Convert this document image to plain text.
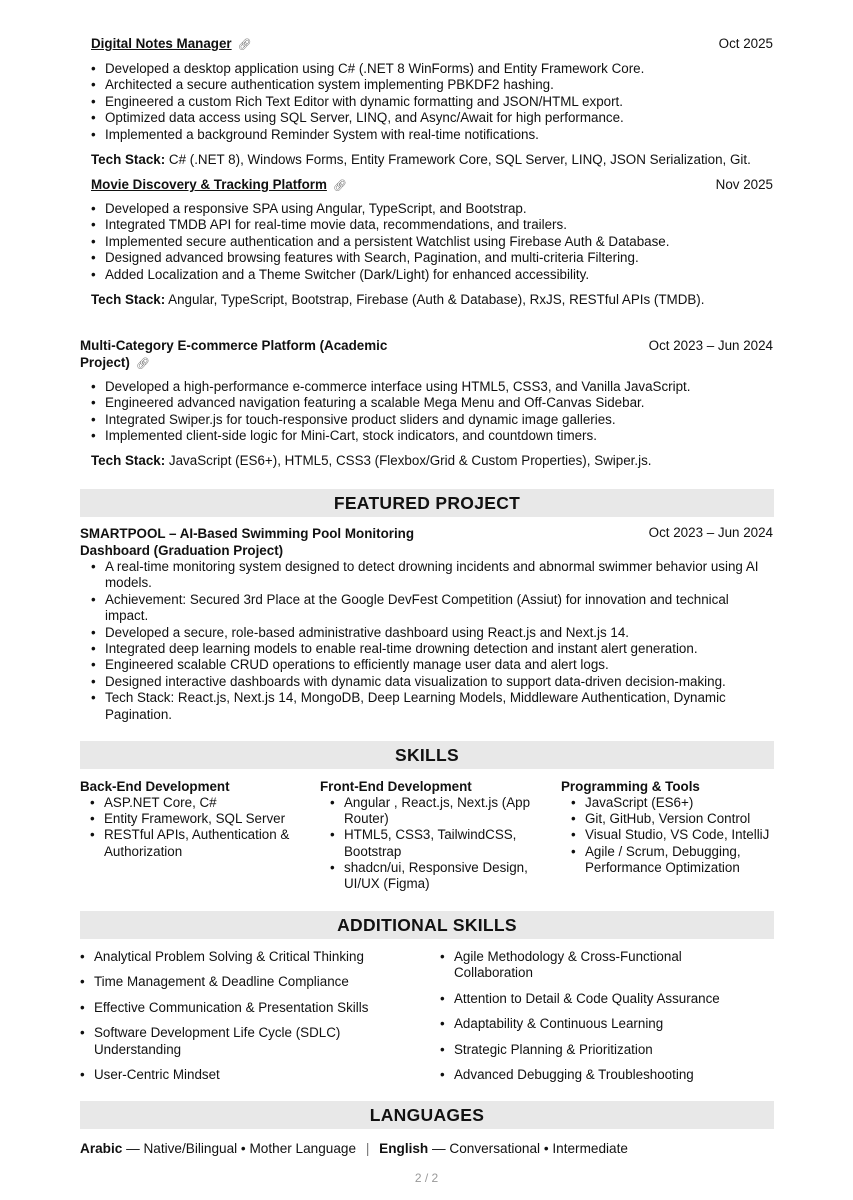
Digital Notes Manager 🔗︎	Oct 2025
• Developed a desktop application using C# (.NET 8 WinForms) and Entity Framework Core.
• Architected a secure authentication system implementing PBKDF2 hashing.
• Engineered a custom Rich Text Editor with dynamic formatting and JSON/HTML export.
• Optimized data access using SQL Server, LINQ, and Async/Await for high performance.
• Implemented a background Reminder System with real-time notifications.
Tech Stack: C# (.NET 8), Windows Forms, Entity Framework Core, SQL Server, LINQ, JSON Serialization, Git.
Movie Discovery & Tracking Platform 🔗︎	Nov 2025
• Developed a responsive SPA using Angular, TypeScript, and Bootstrap.
• Integrated TMDB API for real-time movie data, recommendations, and trailers.
• Implemented secure authentication and a persistent Watchlist using Firebase Auth & Database.
• Designed advanced browsing features with Search, Pagination, and multi-criteria Filtering.
• Added Localization and a Theme Switcher (Dark/Light) for enhanced accessibility.
Tech Stack: Angular, TypeScript, Bootstrap, Firebase (Auth & Database), RxJS, RESTful APIs (TMDB).
Multi-Category E-commerce Platform (Academic
Project) 🔗︎
Oct 2023 – Jun 2024
• Developed a high-performance e-commerce interface using HTML5, CSS3, and Vanilla JavaScript.
• Engineered advanced navigation featuring a scalable Mega Menu and Off-Canvas Sidebar.
• Integrated Swiper.js for touch-responsive product sliders and dynamic image galleries.
• Implemented client-side logic for Mini-Cart, stock indicators, and countdown timers.
Tech Stack: JavaScript (ES6+), HTML5, CSS3 (Flexbox/Grid & Custom Properties), Swiper.js.
FEATURED PROJECT
SMARTPOOL – AI-Based Swimming Pool Monitoring
Dashboard (Graduation Project)
Oct 2023 – Jun 2024
• A real-time monitoring system designed to detect drowning incidents and abnormal swimmer behavior using AI models.
• Achievement: Secured 3rd Place at the Google DevFest Competition (Assiut) for innovation and technical impact.
• Developed a secure, role-based administrative dashboard using React.js and Next.js 14.
• Integrated deep learning models to enable real-time drowning detection and instant alert generation.
• Engineered scalable CRUD operations to efficiently manage user data and alert logs.
• Designed interactive dashboards with dynamic data visualization to support data-driven decision-making.
• Tech Stack: React.js, Next.js 14, MongoDB, Deep Learning Models, Middleware Authentication, Dynamic Pagination.
SKILLS
Back-End Development
• ASP.NET Core, C#
• Entity Framework, SQL Server
• RESTful APIs, Authentication & Authorization
Front-End Development
• Angular , React.js, Next.js (App Router)
• HTML5, CSS3, TailwindCSS, Bootstrap
• shadcn/ui, Responsive Design, UI/UX (Figma)
Programming & Tools
• JavaScript (ES6+)
• Git, GitHub, Version Control
• Visual Studio, VS Code, IntelliJ
• Agile / Scrum, Debugging, Performance Optimization
ADDITIONAL SKILLS
• Analytical Problem Solving & Critical Thinking
• Time Management & Deadline Compliance
• Effective Communication & Presentation Skills
• Software Development Life Cycle (SDLC) Understanding
• User-Centric Mindset
• Agile Methodology & Cross-Functional Collaboration
• Attention to Detail & Code Quality Assurance
• Adaptability & Continuous Learning
• Strategic Planning & Prioritization
• Advanced Debugging & Troubleshooting
LANGUAGES
Arabic — Native/Bilingual • Mother Language | English — Conversational • Intermediate
2 / 2
